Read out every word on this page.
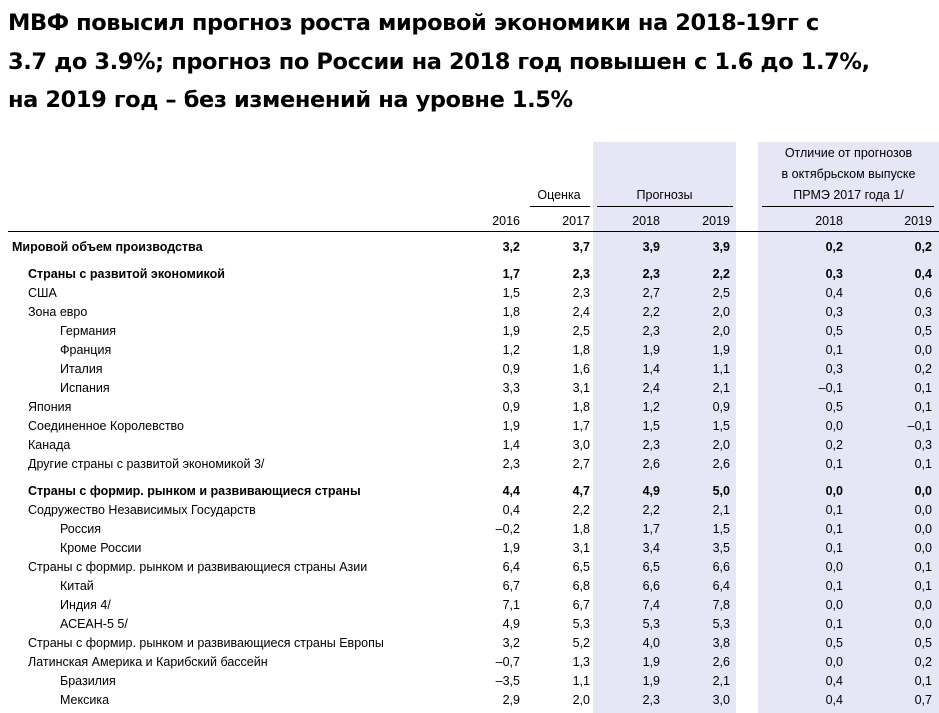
МВФ повысил прогноз роста мировой экономики на 2018-19гг с
3.7 до 3.9%; прогноз по России на 2018 год повышен с 1.6 до 1.7%,
на 2019 год – без изменений на уровне 1.5%
Оценка	Прогнозы
Отличие от прогнозов
в октябрьском выпуске
ПРМЭ 2017 года 1/
2016	2017	2018	2019	2018	2019
Мировой объем производства	3,2	3,7	3,9	3,9	0,2	0,2
Страны с развитой экономикой	1,7	2,3	2,3	2,2	0,3	0,4
США	1,5	2,3	2,7	2,5	0,4	0,6
Зона евро	1,8	2,4	2,2	2,0	0,3	0,3
Германия	1,9	2,5	2,3	2,0	0,5	0,5
Франция	1,2	1,8	1,9	1,9	0,1	0,0
Италия	0,9	1,6	1,4	1,1	0,3	0,2
Испания	3,3	3,1	2,4	2,1	–0,1	0,1
Япония	0,9	1,8	1,2	0,9	0,5	0,1
Соединенное Королевство	1,9	1,7	1,5	1,5	0,0	–0,1
Канада	1,4	3,0	2,3	2,0	0,2	0,3
Другие страны с развитой экономикой 3/	2,3	2,7	2,6	2,6	0,1	0,1
Страны с формир. рынком и развивающиеся страны	4,4	4,7	4,9	5,0	0,0	0,0
Содружество Независимых Государств	0,4	2,2	2,2	2,1	0,1	0,0
Россия	–0,2	1,8	1,7	1,5	0,1	0,0
Кроме России	1,9	3,1	3,4	3,5	0,1	0,0
Страны с формир. рынком и развивающиеся страны Азии	6,4	6,5	6,5	6,6	0,0	0,1
Китай	6,7	6,8	6,6	6,4	0,1	0,1
Индия 4/	7,1	6,7	7,4	7,8	0,0	0,0
АСЕАН-5 5/	4,9	5,3	5,3	5,3	0,1	0,0
Страны с формир. рынком и развивающиеся страны Европы	3,2	5,2	4,0	3,8	0,5	0,5
Латинская Америка и Карибский бассейн	–0,7	1,3	1,9	2,6	0,0	0,2
Бразилия	–3,5	1,1	1,9	2,1	0,4	0,1
Мексика	2,9	2,0	2,3	3,0	0,4	0,7
